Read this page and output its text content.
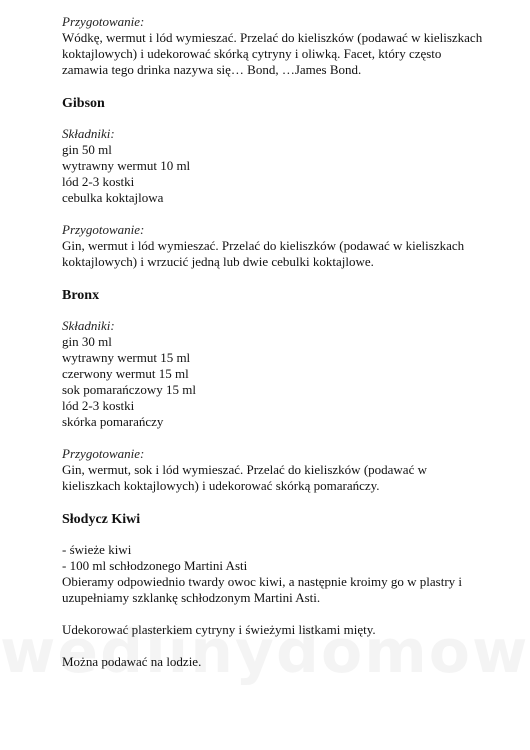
Przygotowanie:
Wódkę, wermut i lód wymieszać. Przelać do kieliszków (podawać w kieliszkach
koktajlowych) i udekorować skórką cytryny i oliwką. Facet, który często
zamawia tego drinka nazywa się… Bond, …James Bond.
Gibson
Składniki:
gin 50 ml
wytrawny wermut 10 ml
lód 2-3 kostki
cebulka koktajlowa
Przygotowanie:
Gin, wermut i lód wymieszać. Przelać do kieliszków (podawać w kieliszkach
koktajlowych) i wrzucić jedną lub dwie cebulki koktajlowe.
Bronx
Składniki:
gin 30 ml
wytrawny wermut 15 ml
czerwony wermut 15 ml
sok pomarańczowy 15 ml
lód 2-3 kostki
skórka pomarańczy
Przygotowanie:
Gin, wermut, sok i lód wymieszać. Przelać do kieliszków (podawać w
kieliszkach koktajlowych) i udekorować skórką pomarańczy.
Słodycz Kiwi
- świeże kiwi
- 100 ml schłodzonego Martini Asti
Obieramy odpowiednio twardy owoc kiwi, a następnie kroimy go w plastry i
uzupełniamy szklankę schłodzonym Martini Asti.
Udekorować plasterkiem cytryny i świeżymi listkami mięty.
Można podawać na lodzie.
